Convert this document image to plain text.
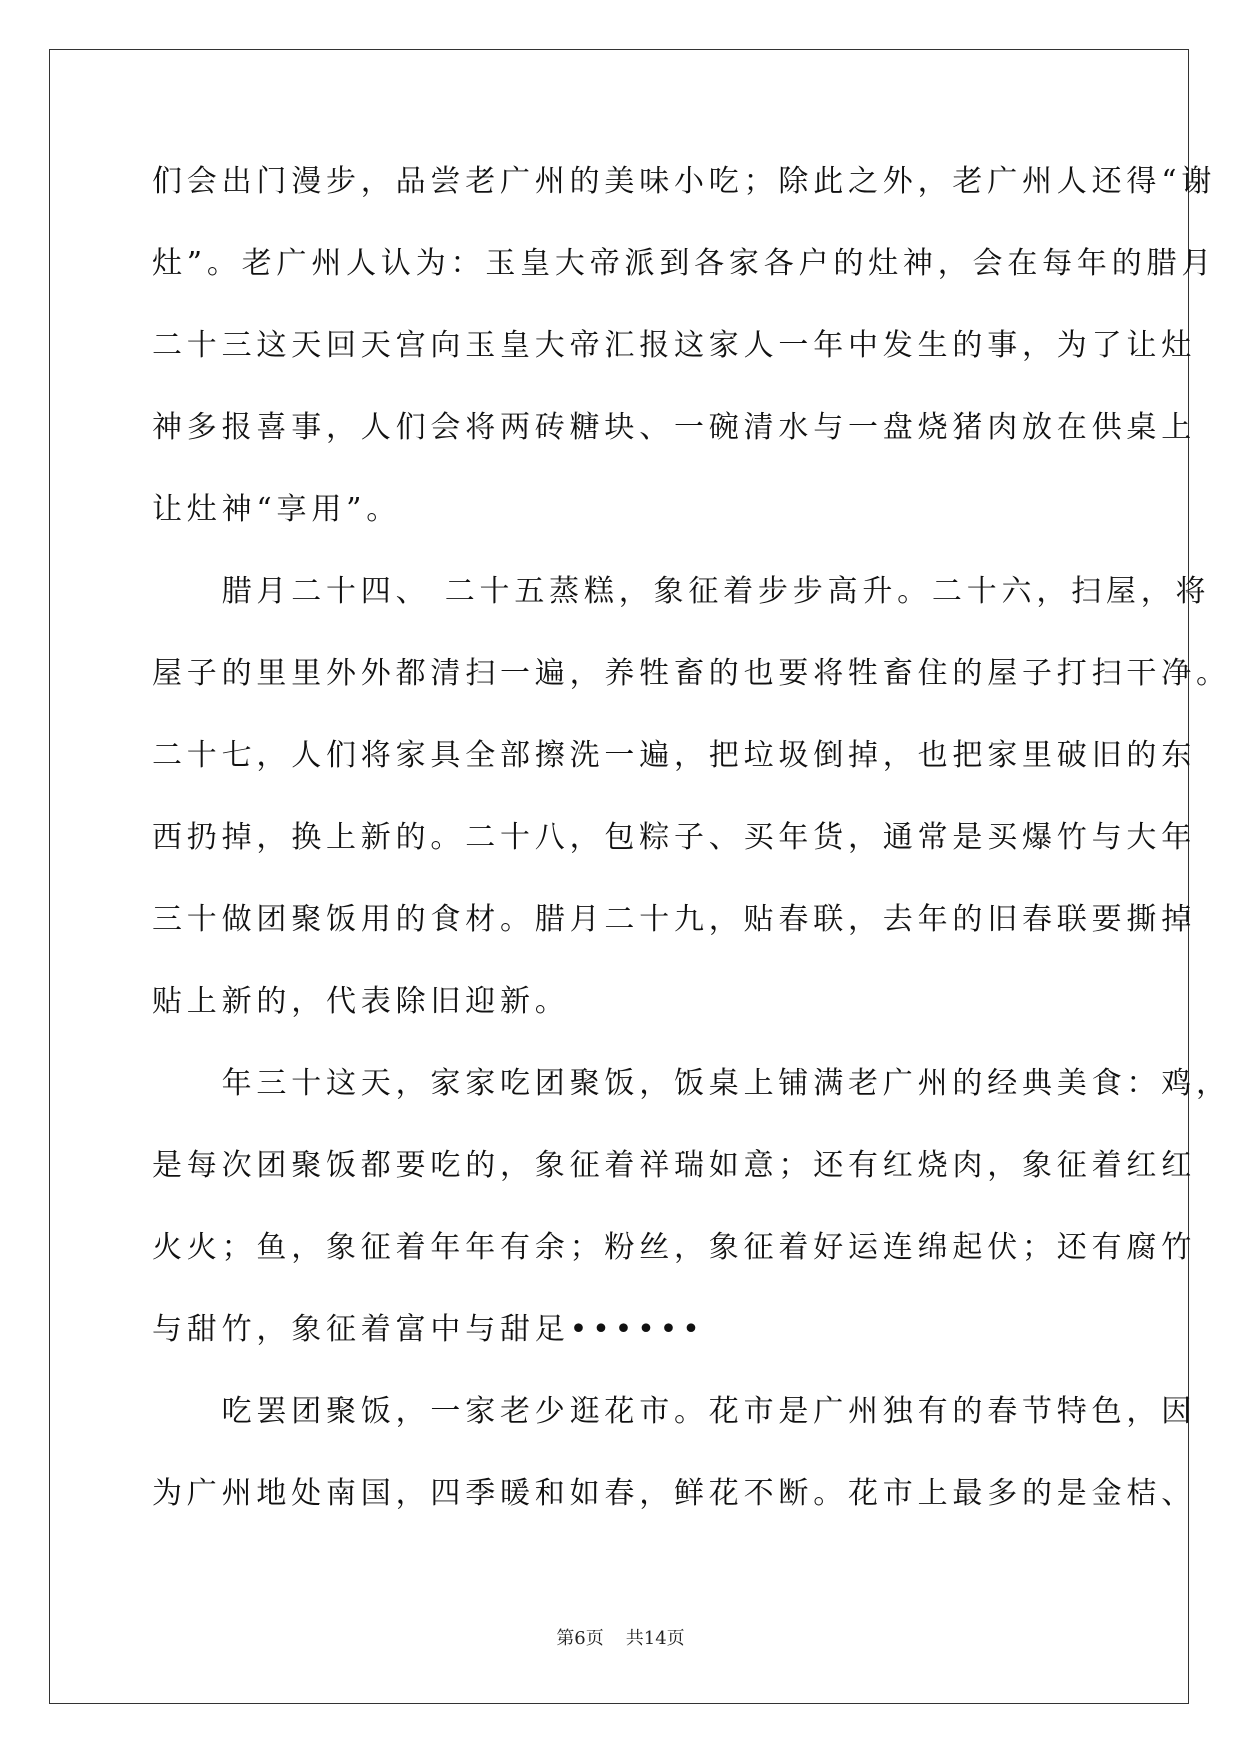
们会出门漫步，品尝老广州的美味小吃；除此之外，老广州人还得“谢
灶”。老广州人认为：玉皇大帝派到各家各户的灶神，会在每年的腊月
二十三这天回天宫向玉皇大帝汇报这家人一年中发生的事，为了让灶
神多报喜事，人们会将两砖糖块、一碗清水与一盘烧猪肉放在供桌上
让灶神“享用”。
　　腊月二十四、 二十五蒸糕，象征着步步高升。二十六，扫屋，将
屋子的里里外外都清扫一遍，养牲畜的也要将牲畜住的屋子打扫干净。
二十七，人们将家具全部擦洗一遍，把垃圾倒掉，也把家里破旧的东
西扔掉，换上新的。二十八，包粽子、买年货，通常是买爆竹与大年
三十做团聚饭用的食材。腊月二十九，贴春联，去年的旧春联要撕掉
贴上新的，代表除旧迎新。
　　年三十这天，家家吃团聚饭，饭桌上铺满老广州的经典美食：鸡，
是每次团聚饭都要吃的，象征着祥瑞如意；还有红烧肉，象征着红红
火火；鱼，象征着年年有余；粉丝，象征着好运连绵起伏；还有腐竹
与甜竹，象征着富中与甜足••••••
　　吃罢团聚饭，一家老少逛花市。花市是广州独有的春节特色，因
为广州地处南国，四季暖和如春，鲜花不断。花市上最多的是金桔、
第6页 共14页
